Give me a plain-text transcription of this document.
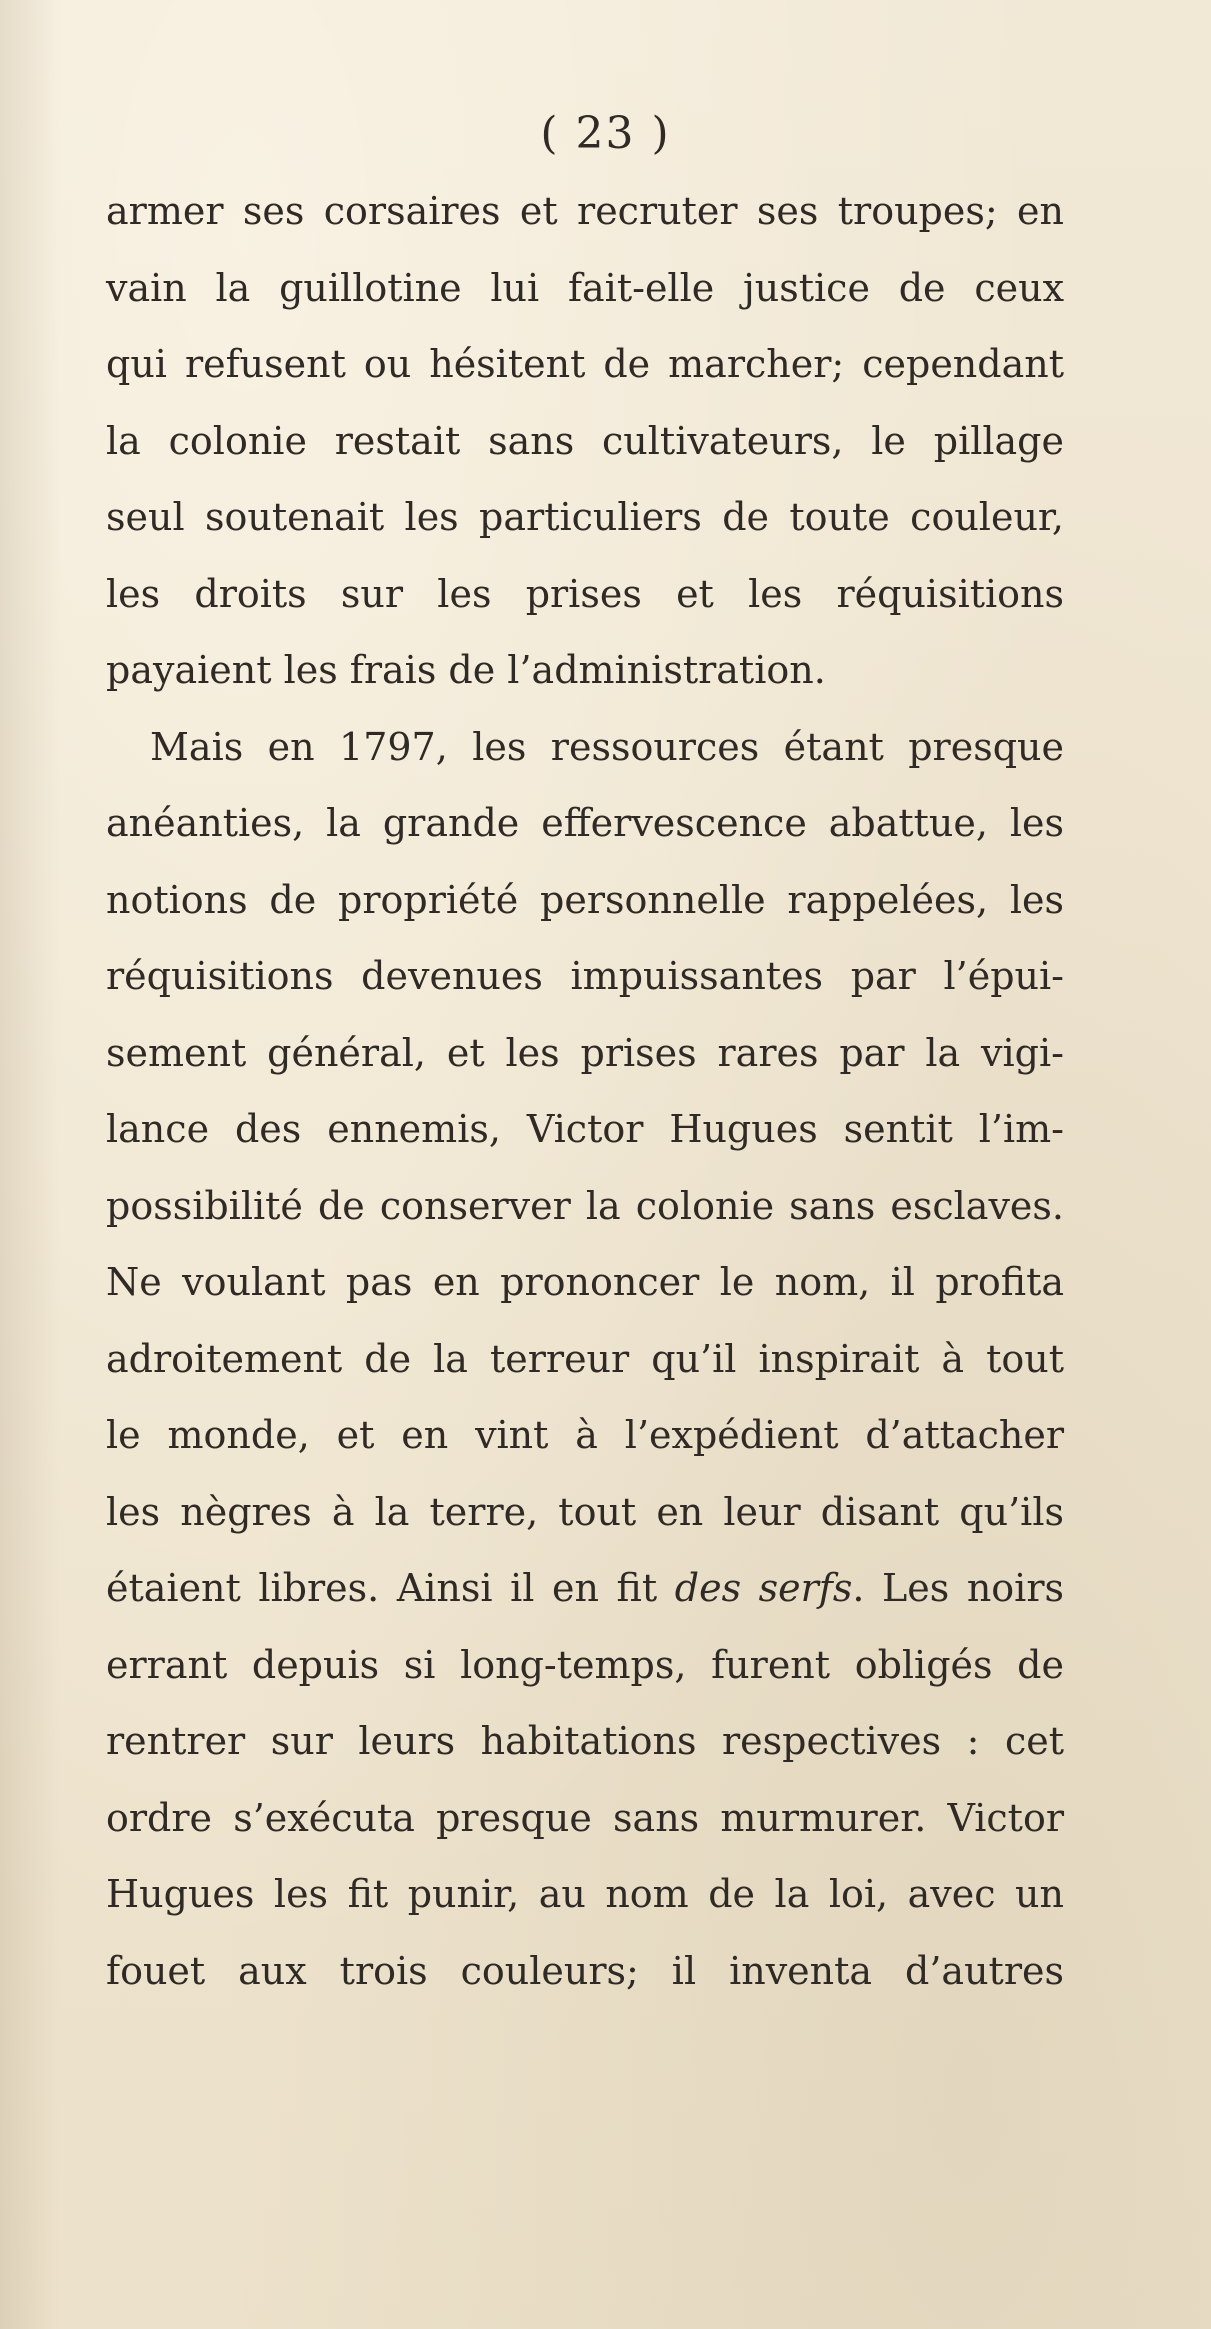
( 23 )
armer ses corsaires et recruter ses troupes; en
vain la guillotine lui fait-elle justice de ceux
qui refusent ou hésitent de marcher; cependant
la colonie restait sans cultivateurs, le pillage
seul soutenait les particuliers de toute couleur,
les droits sur les prises et les réquisitions
payaient les frais de l’administration.
Mais en 1797, les ressources étant presque
anéanties, la grande effervescence abattue, les
notions de propriété personnelle rappelées, les
réquisitions devenues impuissantes par l’épui-
sement général, et les prises rares par la vigi-
lance des ennemis, Victor Hugues sentit l’im-
possibilité de conserver la colonie sans esclaves.
Ne voulant pas en prononcer le nom, il profita
adroitement de la terreur qu’il inspirait à tout
le monde, et en vint à l’expédient d’attacher
les nègres à la terre, tout en leur disant qu’ils
étaient libres. Ainsi il en fit des serfs. Les noirs
errant depuis si long-temps, furent obligés de
rentrer sur leurs habitations respectives : cet
ordre s’exécuta presque sans murmurer. Victor
Hugues les fit punir, au nom de la loi, avec un
fouet aux trois couleurs; il inventa d’autres
